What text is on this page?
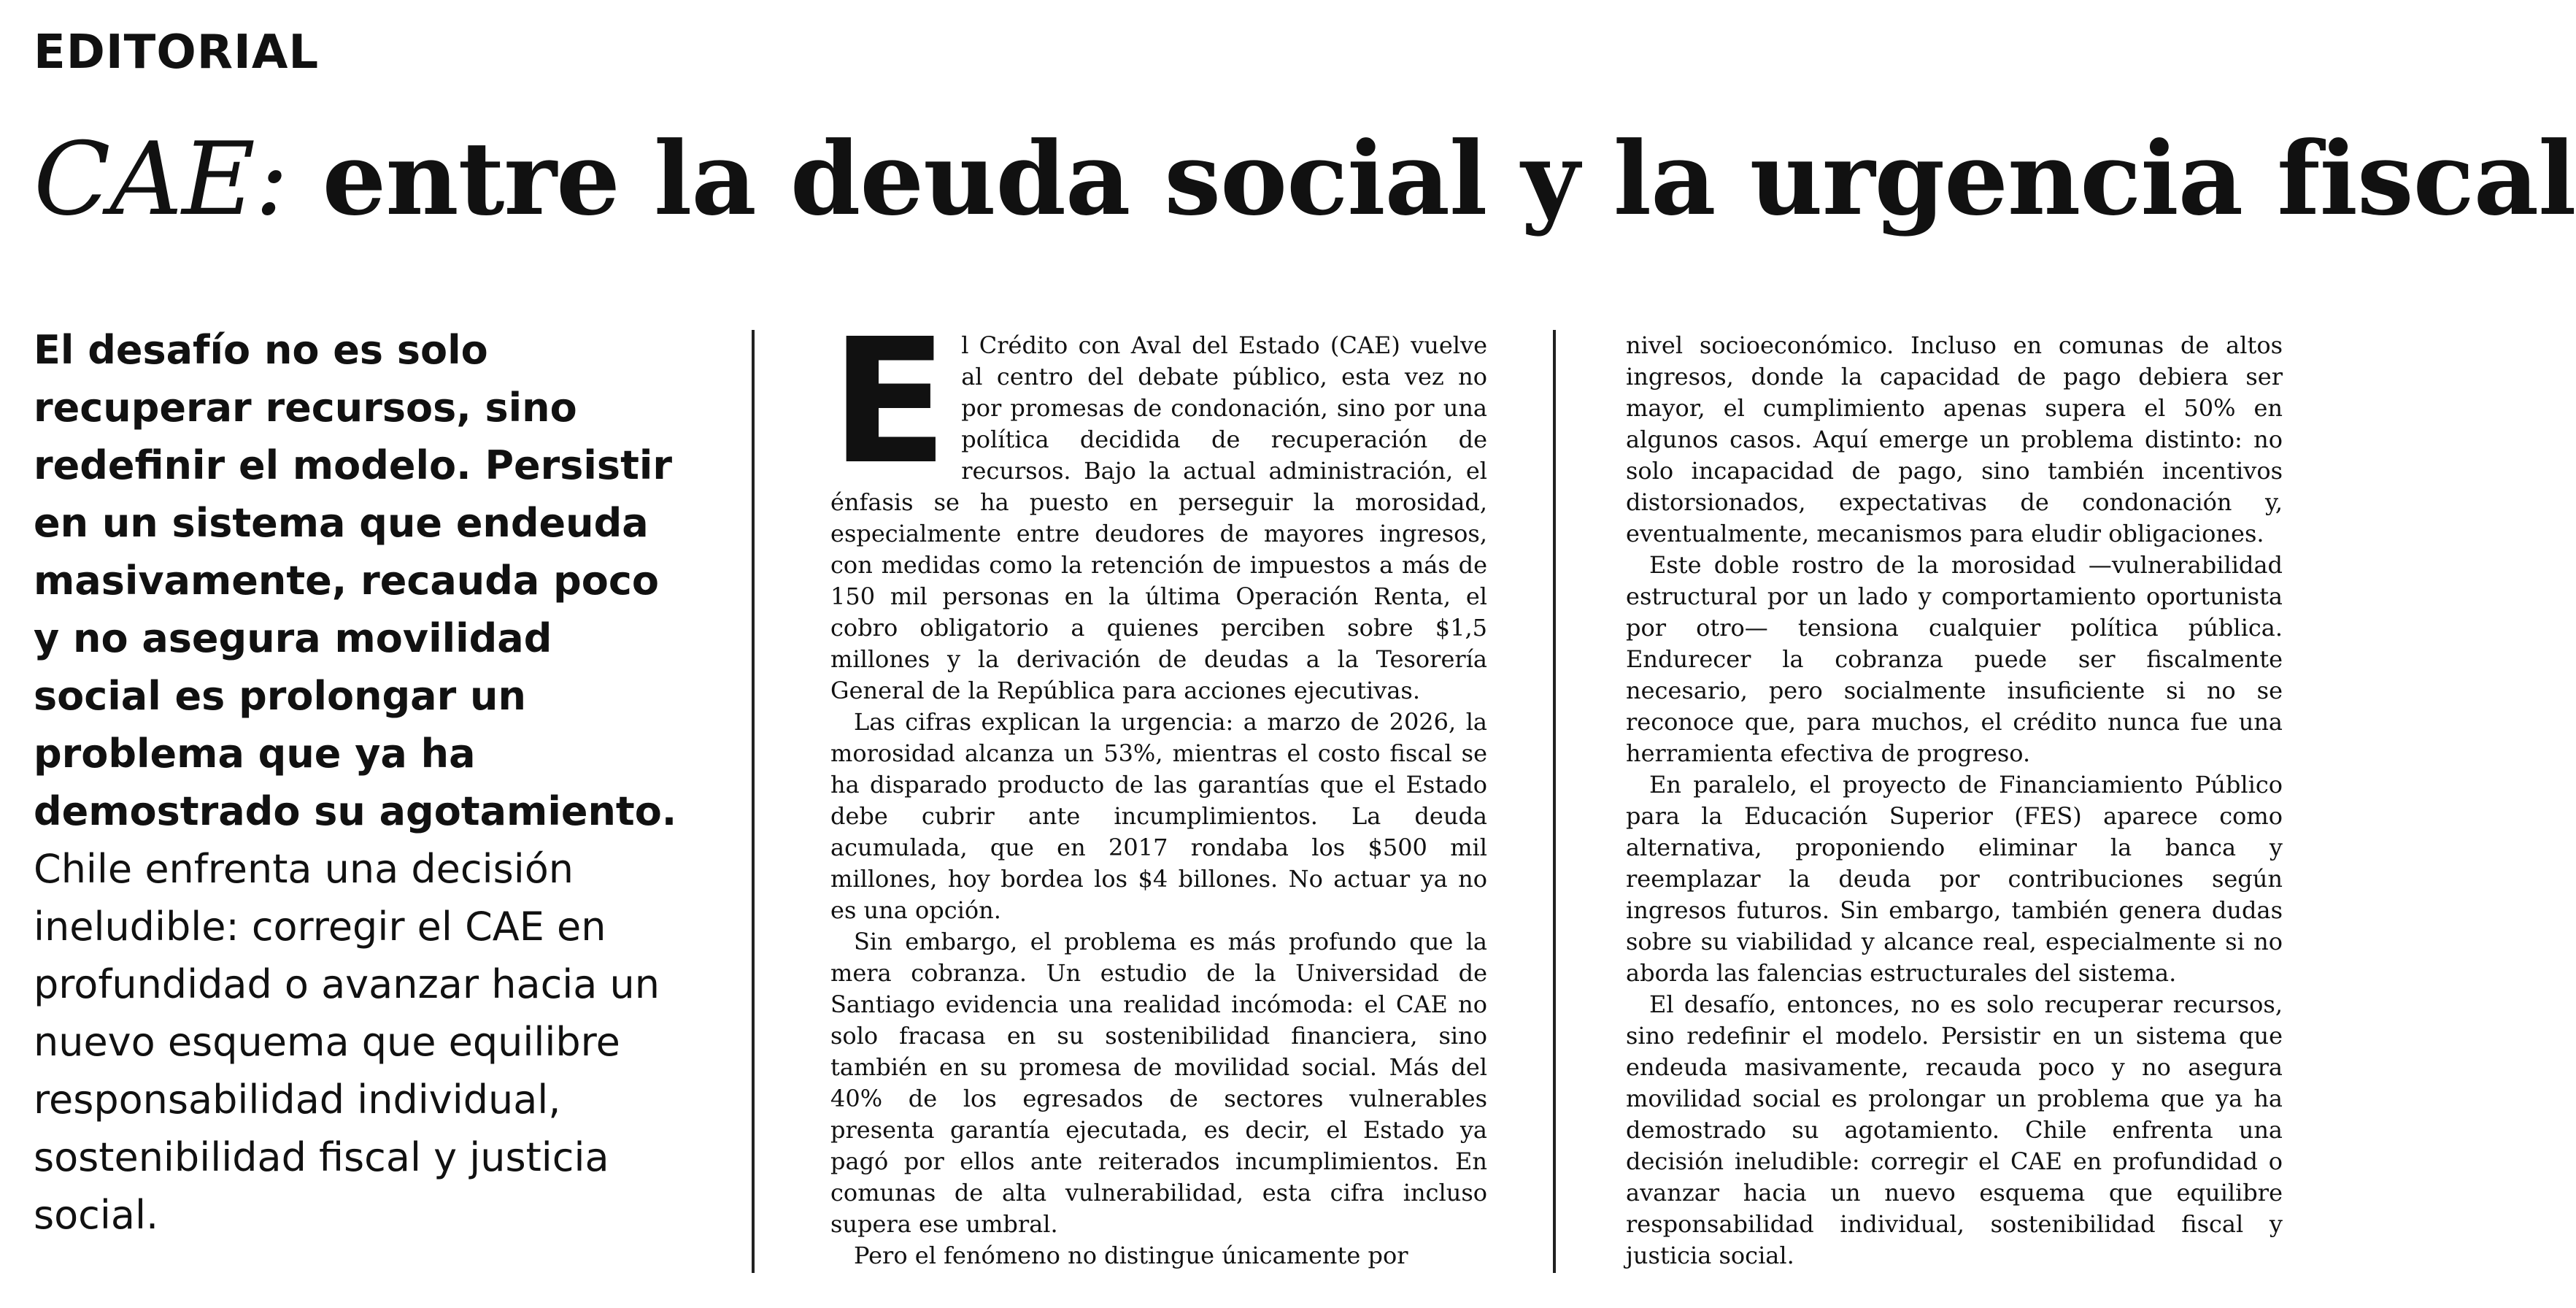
EDITORIAL
CAE: entre la deuda social y la urgencia fiscal

El desafío no es solo recuperar recursos, sino redefinir el modelo. Persistir en un sistema que endeuda masivamente, recauda poco y no asegura movilidad social es prolongar un problema que ya ha demostrado su agotamiento. Chile enfrenta una decisión ineludible: corregir el CAE en profundidad o avanzar hacia un nuevo esquema que equilibre responsabilidad individual, sostenibilidad fiscal y justicia social.

E l Crédito con Aval del Estado (CAE) vuelve al centro del debate público, esta vez no por promesas de condonación, sino por una política decidida de recuperación de recursos. Bajo la actual administración, el énfasis se ha puesto en perseguir la morosidad, especialmente entre deudores de mayores ingresos, con medidas como la retención de impuestos a más de 150 mil personas en la última Operación Renta, el cobro obligatorio a quienes perciben sobre $1,5 millones y la derivación de deudas a la Tesorería General de la República para acciones ejecutivas.

Las cifras explican la urgencia: a marzo de 2026, la morosidad alcanza un 53%, mientras el costo fiscal se ha disparado producto de las garantías que el Estado debe cubrir ante incumplimientos. La deuda acumulada, que en 2017 rondaba los $500 mil millones, hoy bordea los $4 billones. No actuar ya no es una opción.

Sin embargo, el problema es más profundo que la mera cobranza. Un estudio de la Universidad de Santiago evidencia una realidad incómoda: el CAE no solo fracasa en su sostenibilidad financiera, sino también en su promesa de movilidad social. Más del 40% de los egresados de sectores vulnerables presenta garantía ejecutada, es decir, el Estado ya pagó por ellos ante reiterados incumplimientos. En comunas de alta vulnerabilidad, esta cifra incluso supera ese umbral.

Pero el fenómeno no distingue únicamente por

nivel socioeconómico. Incluso en comunas de altos ingresos, donde la capacidad de pago debiera ser mayor, el cumplimiento apenas supera el 50% en algunos casos. Aquí emerge un problema distinto: no solo incapacidad de pago, sino también incentivos distorsionados, expectativas de condonación y, eventualmente, mecanismos para eludir obligaciones.

Este doble rostro de la morosidad —vulnerabilidad estructural por un lado y comportamiento oportunista por otro— tensiona cualquier política pública. Endurecer la cobranza puede ser fiscalmente necesario, pero socialmente insuficiente si no se reconoce que, para muchos, el crédito nunca fue una herramienta efectiva de progreso.

En paralelo, el proyecto de Financiamiento Público para la Educación Superior (FES) aparece como alternativa, proponiendo eliminar la banca y reemplazar la deuda por contribuciones según ingresos futuros. Sin embargo, también genera dudas sobre su viabilidad y alcance real, especialmente si no aborda las falencias estructurales del sistema.

El desafío, entonces, no es solo recuperar recursos, sino redefinir el modelo. Persistir en un sistema que endeuda masivamente, recauda poco y no asegura movilidad social es prolongar un problema que ya ha demostrado su agotamiento. Chile enfrenta una decisión ineludible: corregir el CAE en profundidad o avanzar hacia un nuevo esquema que equilibre responsabilidad individual, sostenibilidad fiscal y justicia social.
